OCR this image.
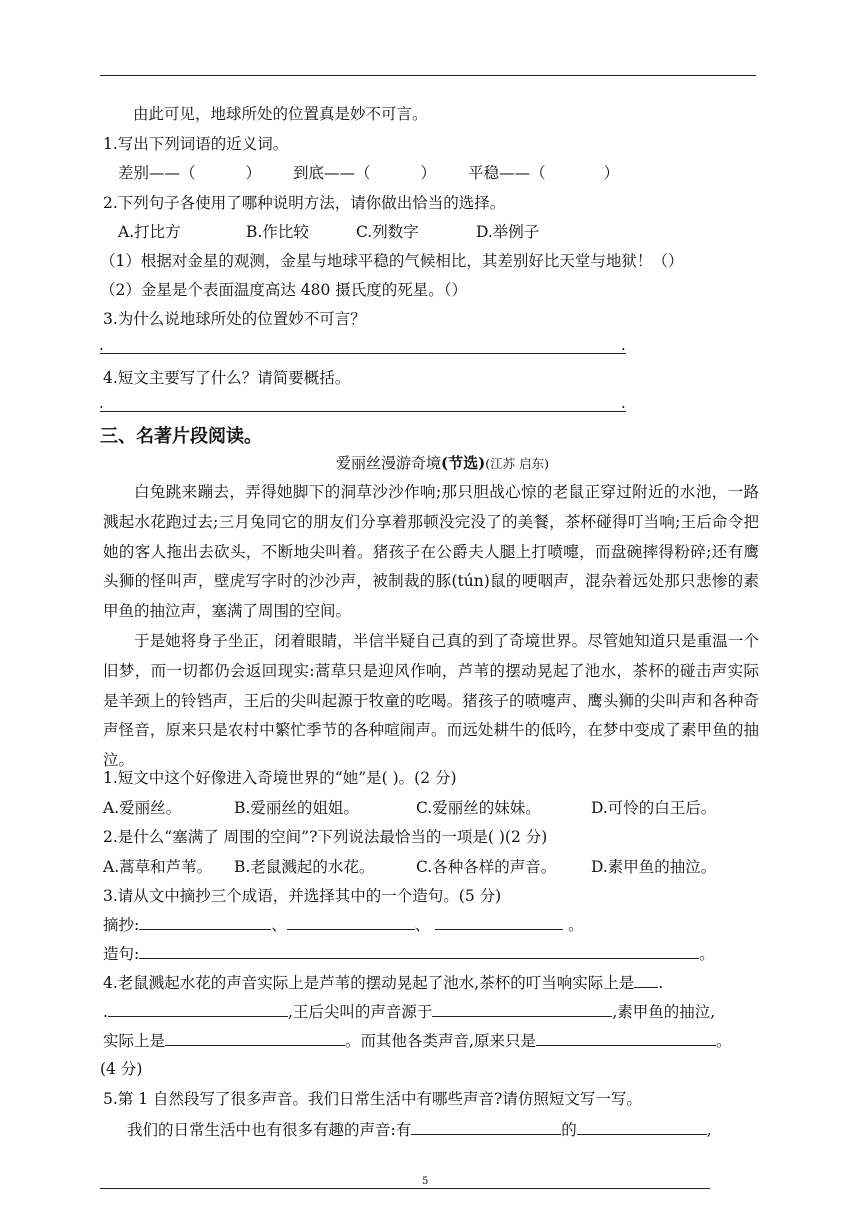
由此可见，地球所处的位置真是妙不可言。
1.写出下列词语的近义词。
差别——（	） 到底——（	） 平稳——（	）
2.下列句子各使用了哪种说明方法，请你做出恰当的选择。
A.打比方	B.作比较	C.列数字	D.举例子
（1）根据对金星的观测，金星与地球平稳的气候相比，其差别好比天堂与地狱！（）
（2）金星是个表面温度高达 480 摄氏度的死星。（）
3.为什么说地球所处的位置妙不可言？
.	.
4.短文主要写了什么？请简要概括。
.	.
三、名著片段阅读。
爱丽丝漫游奇境(节选)(江苏 启东)

白兔跳来蹦去，弄得她脚下的洞草沙沙作响;那只胆战心惊的老鼠正穿过附近的水池，一路溅起水花跑过去;三月兔同它的朋友们分享着那顿没完没了的美餐，茶杯碰得叮当响;王后命令把她的客人拖出去砍头，不断地尖叫着。猪孩子在公爵夫人腿上打喷嚏，而盘碗摔得粉碎;还有鹰头狮的怪叫声，壁虎写字时的沙沙声，被制裁的豚(tún)鼠的哽咽声，混杂着远处那只悲惨的素甲鱼的抽泣声，塞满了周围的空间。

于是她将身子坐正，闭着眼睛，半信半疑自己真的到了奇境世界。尽管她知道只是重温一个旧梦，而一切都仍会返回现实:蒿草只是迎风作响，芦苇的摆动晃起了池水，茶杯的碰击声实际是羊颈上的铃铛声，王后的尖叫起源于牧童的吃喝。猪孩子的喷嚏声、鹰头狮的尖叫声和各种奇声怪音，原来只是农村中繁忙季节的各种喧闹声。而远处耕牛的低吟，在梦中变成了素甲鱼的抽泣。

1.短文中这个好像进入奇境世界的“她”是( )。(2 分)
A.爱丽丝。	B.爱丽丝的姐姐。	C.爱丽丝的妹妹。	D.可怜的白王后。
2.是什么“塞满了 周围的空间”?下列说法最恰当的一项是( )(2 分)
A.蒿草和芦苇。 B.老鼠溅起的水花。	C.各种各样的声音。 D.素甲鱼的抽泣。
3.请从文中摘抄三个成语，并选择其中的一个造句。(5 分)
摘抄:	、	、	。
造句:	。
4.老鼠溅起水花的声音实际上是芦苇的摆动晃起了池水,茶杯的叮当响实际上是 .
.	,王后尖叫的声音源于	,素甲鱼的抽泣,
实际上是	。而其他各类声音,原来只是	。
(4 分)
5.第 1 自然段写了很多声音。我们日常生活中有哪些声音?请仿照短文写一写。
我们的日常生活中也有很多有趣的声音:有	的	,
5
